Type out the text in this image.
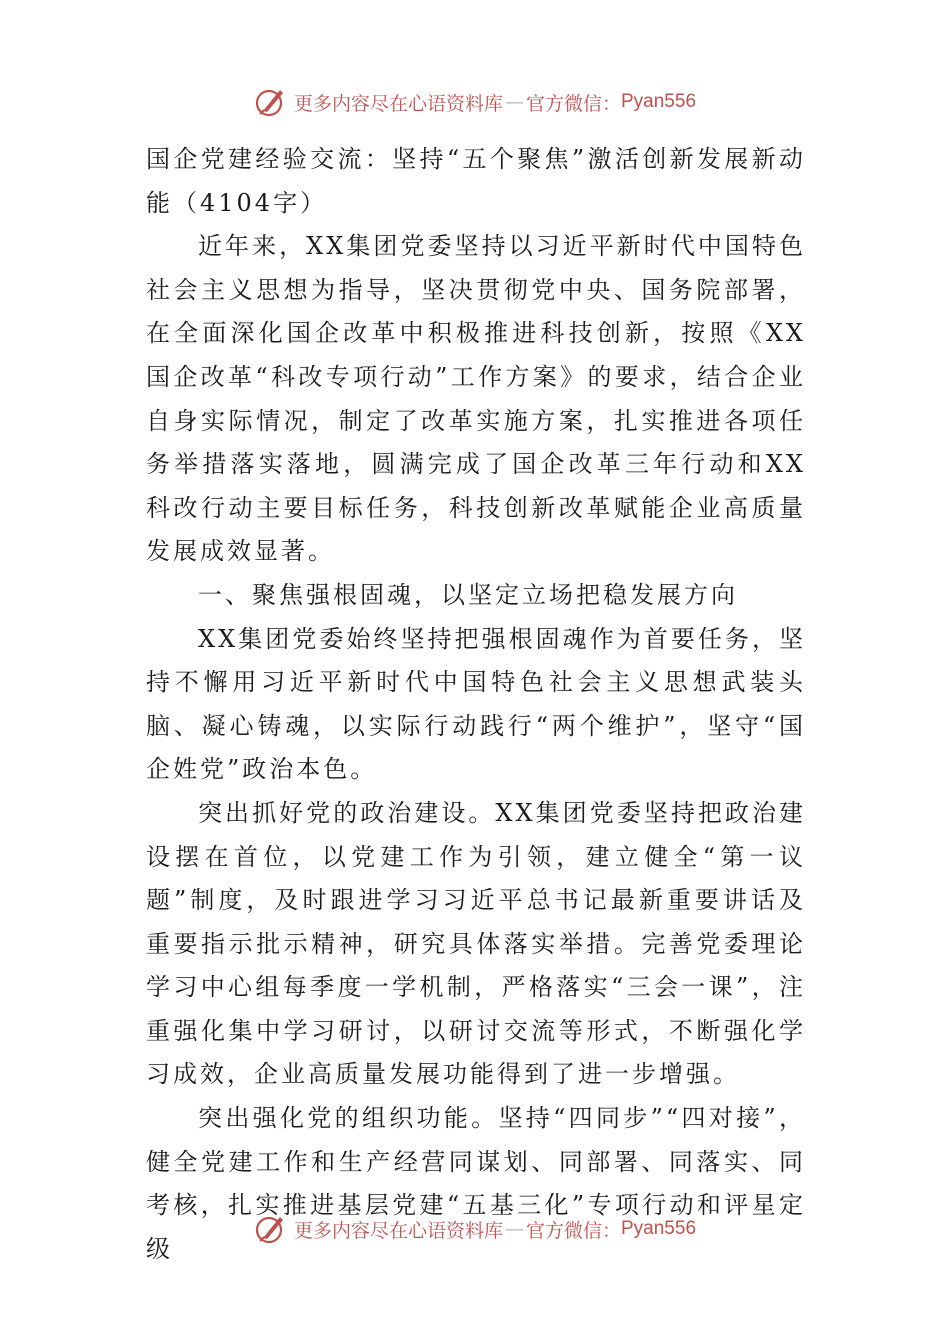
更多内容尽在心语资料库 — 官方微信： Pyan556

国企党建经验交流：坚持“五个聚焦”激活创新发展新动能（4104字）

近年来，XX集团党委坚持以习近平新时代中国特色社会主义思想为指导，坚决贯彻党中央、国务院部署，在全面深化国企改革中积极推进科技创新，按照《XX国企改革“科改专项行动”工作方案》的要求，结合企业自身实际情况，制定了改革实施方案，扎实推进各项任务举措落实落地，圆满完成了国企改革三年行动和XX科改行动主要目标任务，科技创新改革赋能企业高质量发展成效显著。

一、聚焦强根固魂，以坚定立场把稳发展方向

XX集团党委始终坚持把强根固魂作为首要任务，坚持不懈用习近平新时代中国特色社会主义思想武装头脑、凝心铸魂，以实际行动践行“两个维护”，坚守“国企姓党”政治本色。

突出抓好党的政治建设。XX集团党委坚持把政治建设摆在首位，以党建工作为引领，建立健全“第一议题”制度，及时跟进学习习近平总书记最新重要讲话及重要指示批示精神，研究具体落实举措。完善党委理论学习中心组每季度一学机制，严格落实“三会一课”，注重强化集中学习研讨，以研讨交流等形式，不断强化学习成效，企业高质量发展功能得到了进一步增强。

突出强化党的组织功能。坚持“四同步”“四对接”，健全党建工作和生产经营同谋划、同部署、同落实、同考核，扎实推进基层党建“五基三化”专项行动和评星定级

更多内容尽在心语资料库 — 官方微信： Pyan556
